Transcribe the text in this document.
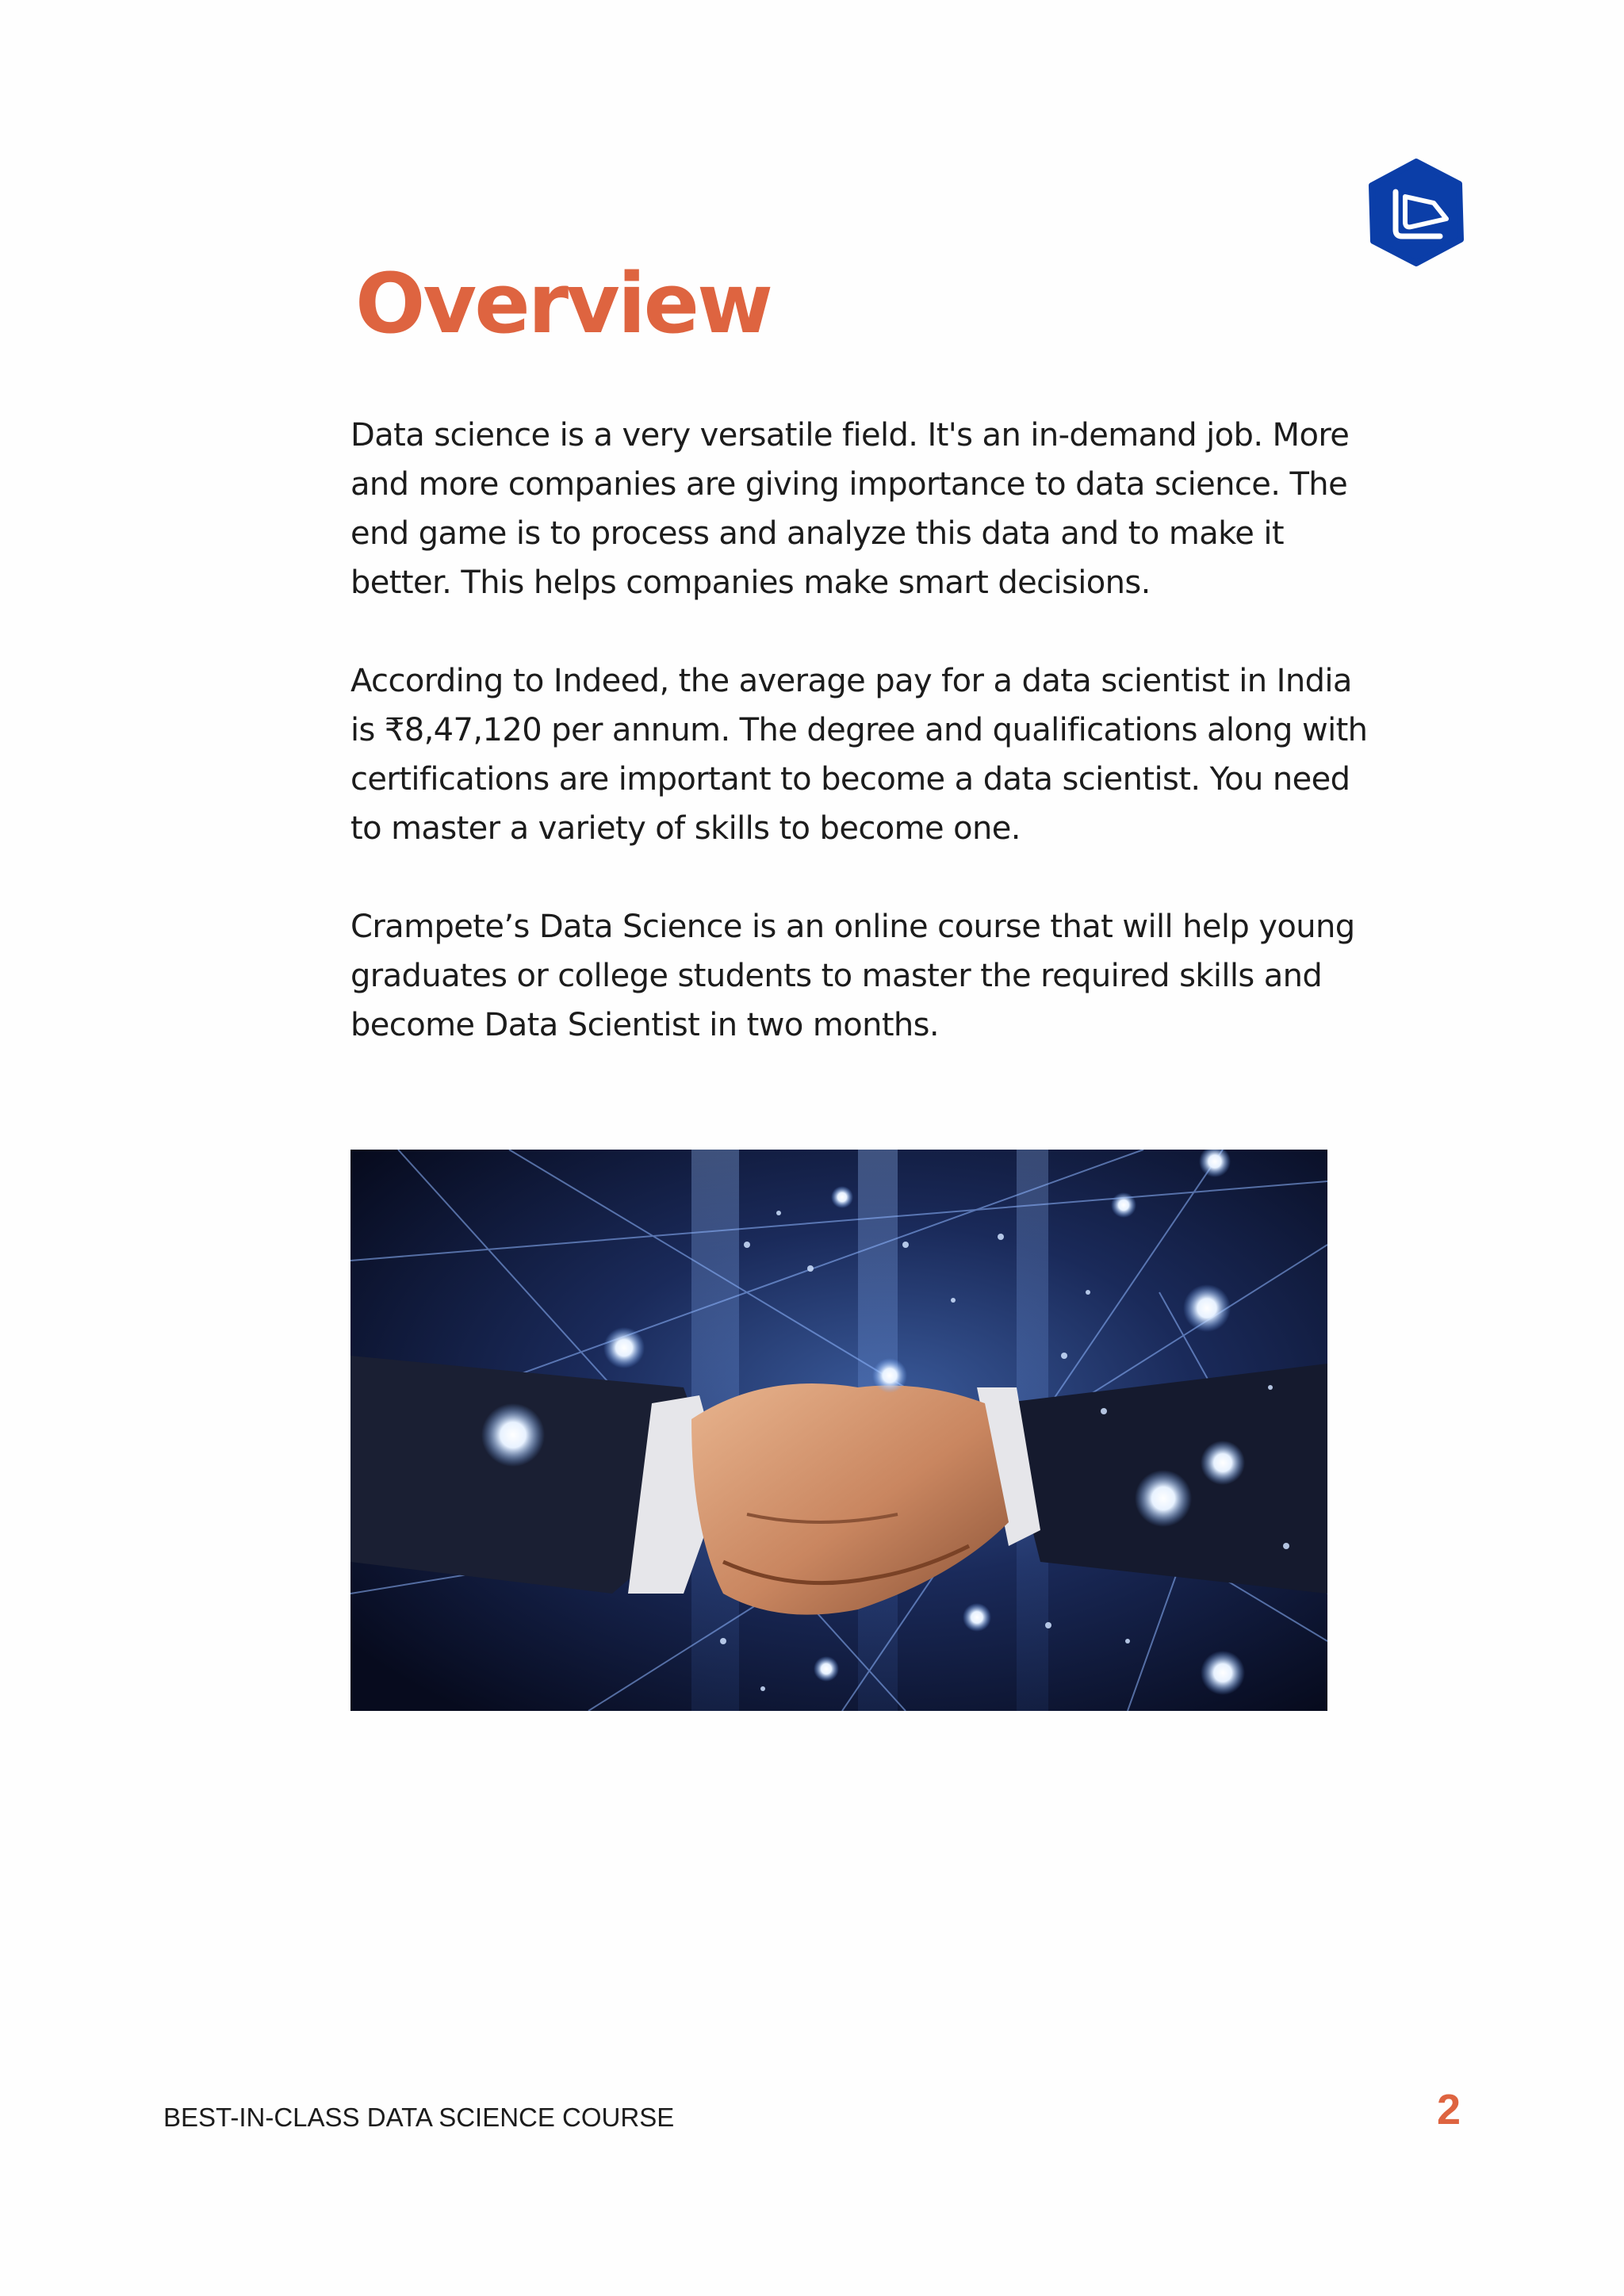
Overview

Data science is a very versatile field. It's an in-demand job. More and more companies are giving importance to data science. The end game is to process and analyze this data and to make it better. This helps companies make smart decisions.

According to Indeed, the average pay for a data scientist in India is ₹8,47,120 per annum. The degree and qualifications along with certifications are important to become a data scientist. You need to master a variety of skills to become one.

Crampete’s Data Science is an online course that will help young graduates or college students to master the required skills and become Data Scientist in two months.

BEST-IN-CLASS DATA SCIENCE COURSE	2
